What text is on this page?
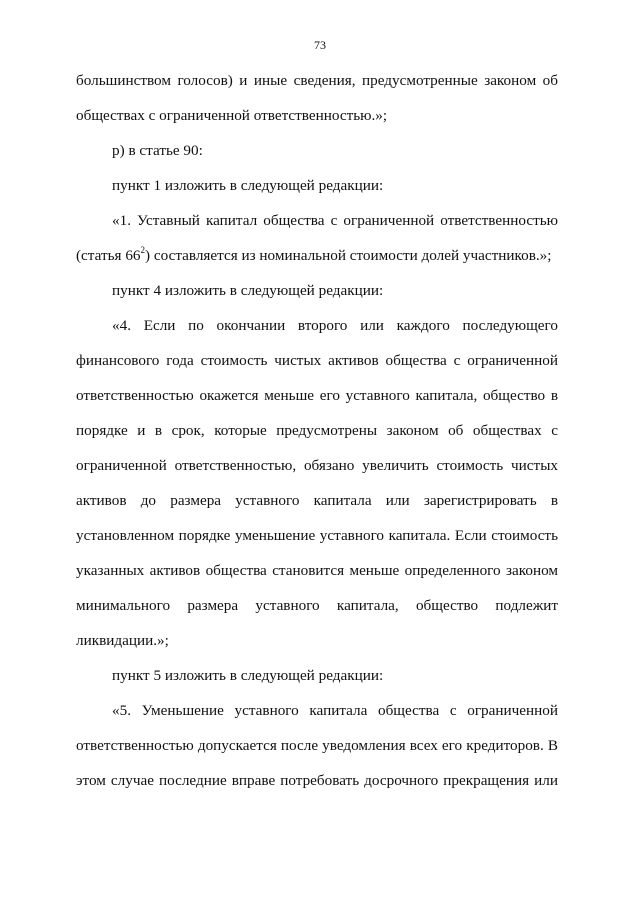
73
большинством голосов) и иные сведения, предусмотренные законом об
обществах с ограниченной ответственностью.»;
р) в статье 90:
пункт 1 изложить в следующей редакции:
«1. Уставный капитал общества с ограниченной ответственностью
(статья $66^2$) составляется из номинальной стоимости долей участников.»;
пункт 4 изложить в следующей редакции:
«4. Если по окончании второго или каждого последующего
финансового года стоимость чистых активов общества с ограниченной
ответственностью окажется меньше его уставного капитала, общество в
порядке и в срок, которые предусмотрены законом об обществах с
ограниченной ответственностью, обязано увеличить стоимость чистых
активов до размера уставного капитала или зарегистрировать в
установленном порядке уменьшение уставного капитала. Если стоимость
указанных активов общества становится меньше определенного законом
минимального размера уставного капитала, общество подлежит
ликвидации.»;
пункт 5 изложить в следующей редакции:
«5. Уменьшение уставного капитала общества с ограниченной
ответственностью допускается после уведомления всех его кредиторов. В
этом случае последние вправе потребовать досрочного прекращения или
